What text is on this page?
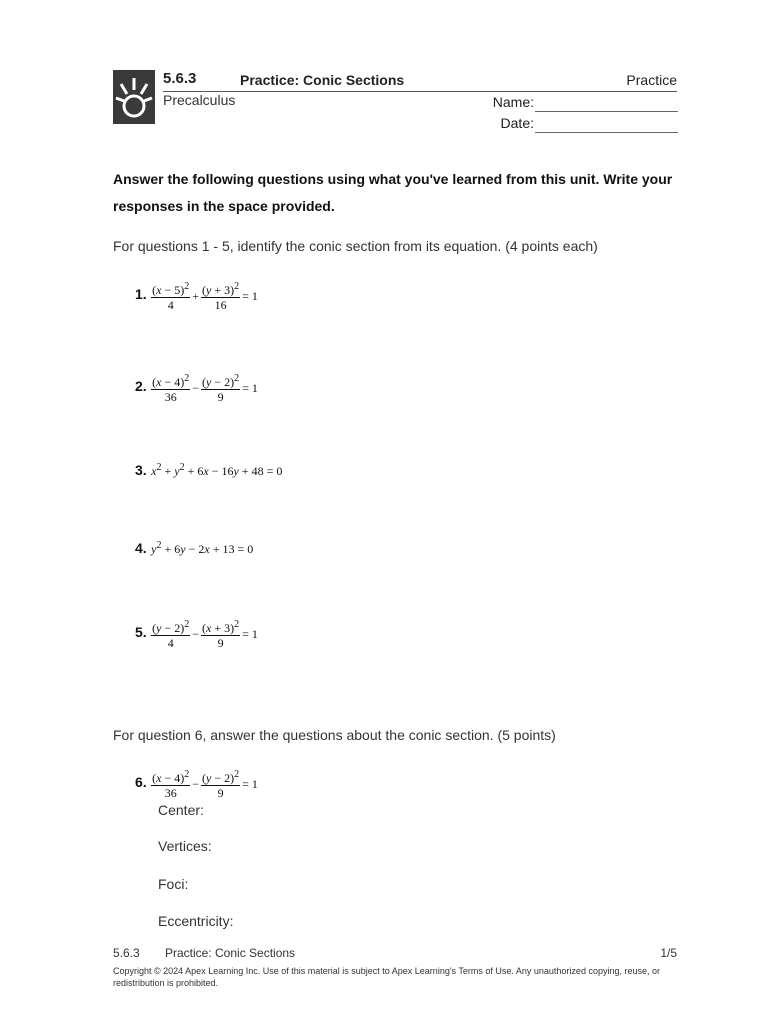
5.6.3	Practice: Conic Sections	Practice
Precalculus	Name:
Date:
Answer the following questions using what you've learned from this unit. Write your responses in the space provided.
For questions 1 - 5, identify the conic section from its equation. (4 points each)
1. $\frac{(x - 5)^2}{4} + \frac{(y + 3)^2}{16} = 1$
2. $\frac{(x - 4)^2}{36} - \frac{(y - 2)^2}{9} = 1$
3. $x^2 + y^2 + 6x - 16y + 48 = 0$
4. $y^2 + 6y - 2x + 13 = 0$
5. $\frac{(y - 2)^2}{4} - \frac{(x + 3)^2}{9} = 1$
For question 6, answer the questions about the conic section. (5 points)
6. $\frac{(x - 4)^2}{36} - \frac{(y - 2)^2}{9} = 1$
Center:
Vertices:
Foci:
Eccentricity:
5.6.3 Practice: Conic Sections	1/5
Copyright © 2024 Apex Learning Inc. Use of this material is subject to Apex Learning's Terms of Use. Any unauthorized copying, reuse, or redistribution is prohibited.
